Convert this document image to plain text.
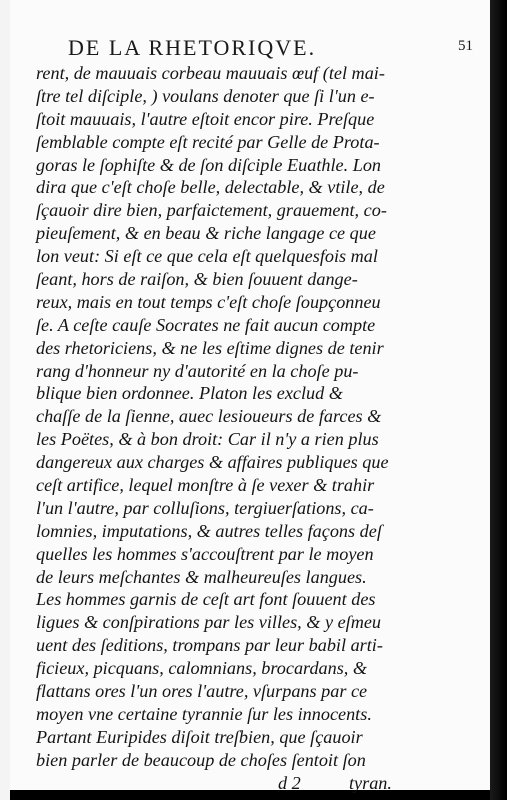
DE LA RHETORIQVE.	51
rent, de mauuais corbeau mauuais œuf (tel mai-
ſtre tel diſciple, ) voulans denoter que ſi l'un e-
ſtoit mauuais, l'autre eſtoit encor pire. Preſque
ſemblable compte eſt recité par Gelle de Prota-
goras le ſophiſte & de ſon diſciple Euathle. Lon
dira que c'eſt choſe belle, delectable, & vtile, de
ſçauoir dire bien, parfaictement, grauement, co-
pieuſement, & en beau & riche langage ce que
lon veut: Si eſt ce que cela eſt quelquesfois mal
ſeant, hors de raiſon, & bien ſouuent dange-
reux, mais en tout temps c'eſt choſe ſoupçonneu
ſe. A ceſte cauſe Socrates ne fait aucun compte
des rhetoriciens, & ne les eſtime dignes de tenir
rang d'honneur ny d'autorité en la choſe pu-
blique bien ordonnee. Platon les exclud &
chaſſe de la ſienne, auec lesioueurs de farces &
les Poëtes, & à bon droit: Car il n'y a rien plus
dangereux aux charges & affaires publiques que
ceſt artifice, lequel monſtre à ſe vexer & trahir
l'un l'autre, par colluſions, tergiuerſations, ca-
lomnies, imputations, & autres telles façons deſ
quelles les hommes s'accouſtrent par le moyen
de leurs meſchantes & malheureuſes langues.
Les hommes garnis de ceſt art font ſouuent des
ligues & conſpirations par les villes, & y eſmeu
uent des ſeditions, trompans par leur babil arti-
ficieux, picquans, calomnians, brocardans, &
flattans ores l'un ores l'autre, vſurpans par ce
moyen vne certaine tyrannie ſur les innocents.
Partant Euripides diſoit treſbien, que ſçauoir
bien parler de beaucoup de choſes ſentoit ſon
d 2	tyran.
